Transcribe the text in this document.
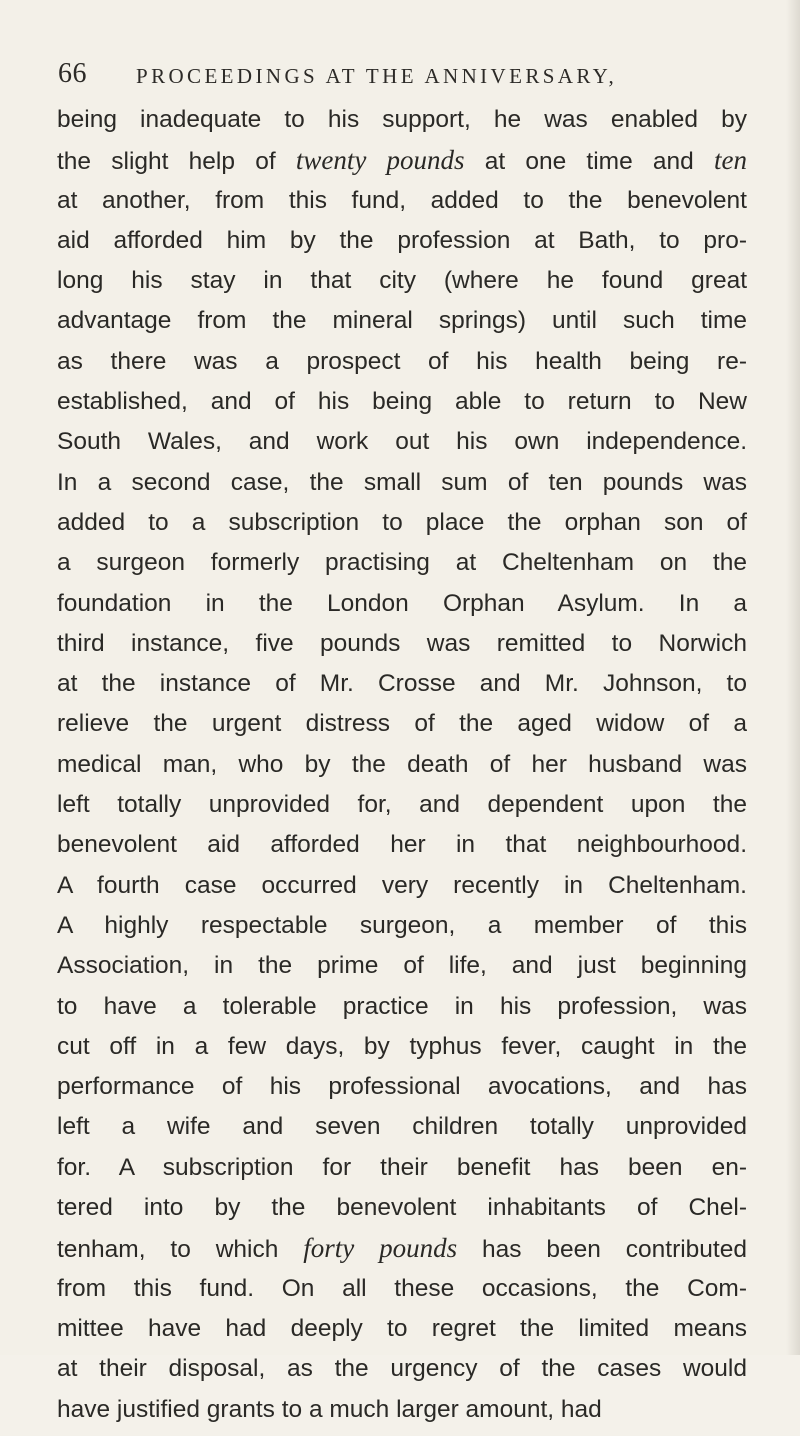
66 PROCEEDINGS AT THE ANNIVERSARY,
being inadequate to his support, he was enabled by
the slight help of twenty pounds at one time and ten
at another, from this fund, added to the benevolent
aid afforded him by the profession at Bath, to pro-
long his stay in that city (where he found great
advantage from the mineral springs) until such time
as there was a prospect of his health being re-
established, and of his being able to return to New
South Wales, and work out his own independence.
In a second case, the small sum of ten pounds was
added to a subscription to place the orphan son of
a surgeon formerly practising at Cheltenham on the
foundation in the London Orphan Asylum. In a
third instance, five pounds was remitted to Norwich
at the instance of Mr. Crosse and Mr. Johnson, to
relieve the urgent distress of the aged widow of a
medical man, who by the death of her husband was
left totally unprovided for, and dependent upon the
benevolent aid afforded her in that neighbourhood.
A fourth case occurred very recently in Cheltenham.
A highly respectable surgeon, a member of this
Association, in the prime of life, and just beginning
to have a tolerable practice in his profession, was
cut off in a few days, by typhus fever, caught in the
performance of his professional avocations, and has
left a wife and seven children totally unprovided
for. A subscription for their benefit has been en-
tered into by the benevolent inhabitants of Chel-
tenham, to which forty pounds has been contributed
from this fund. On all these occasions, the Com-
mittee have had deeply to regret the limited means
at their disposal, as the urgency of the cases would
have justified grants to a much larger amount, had
